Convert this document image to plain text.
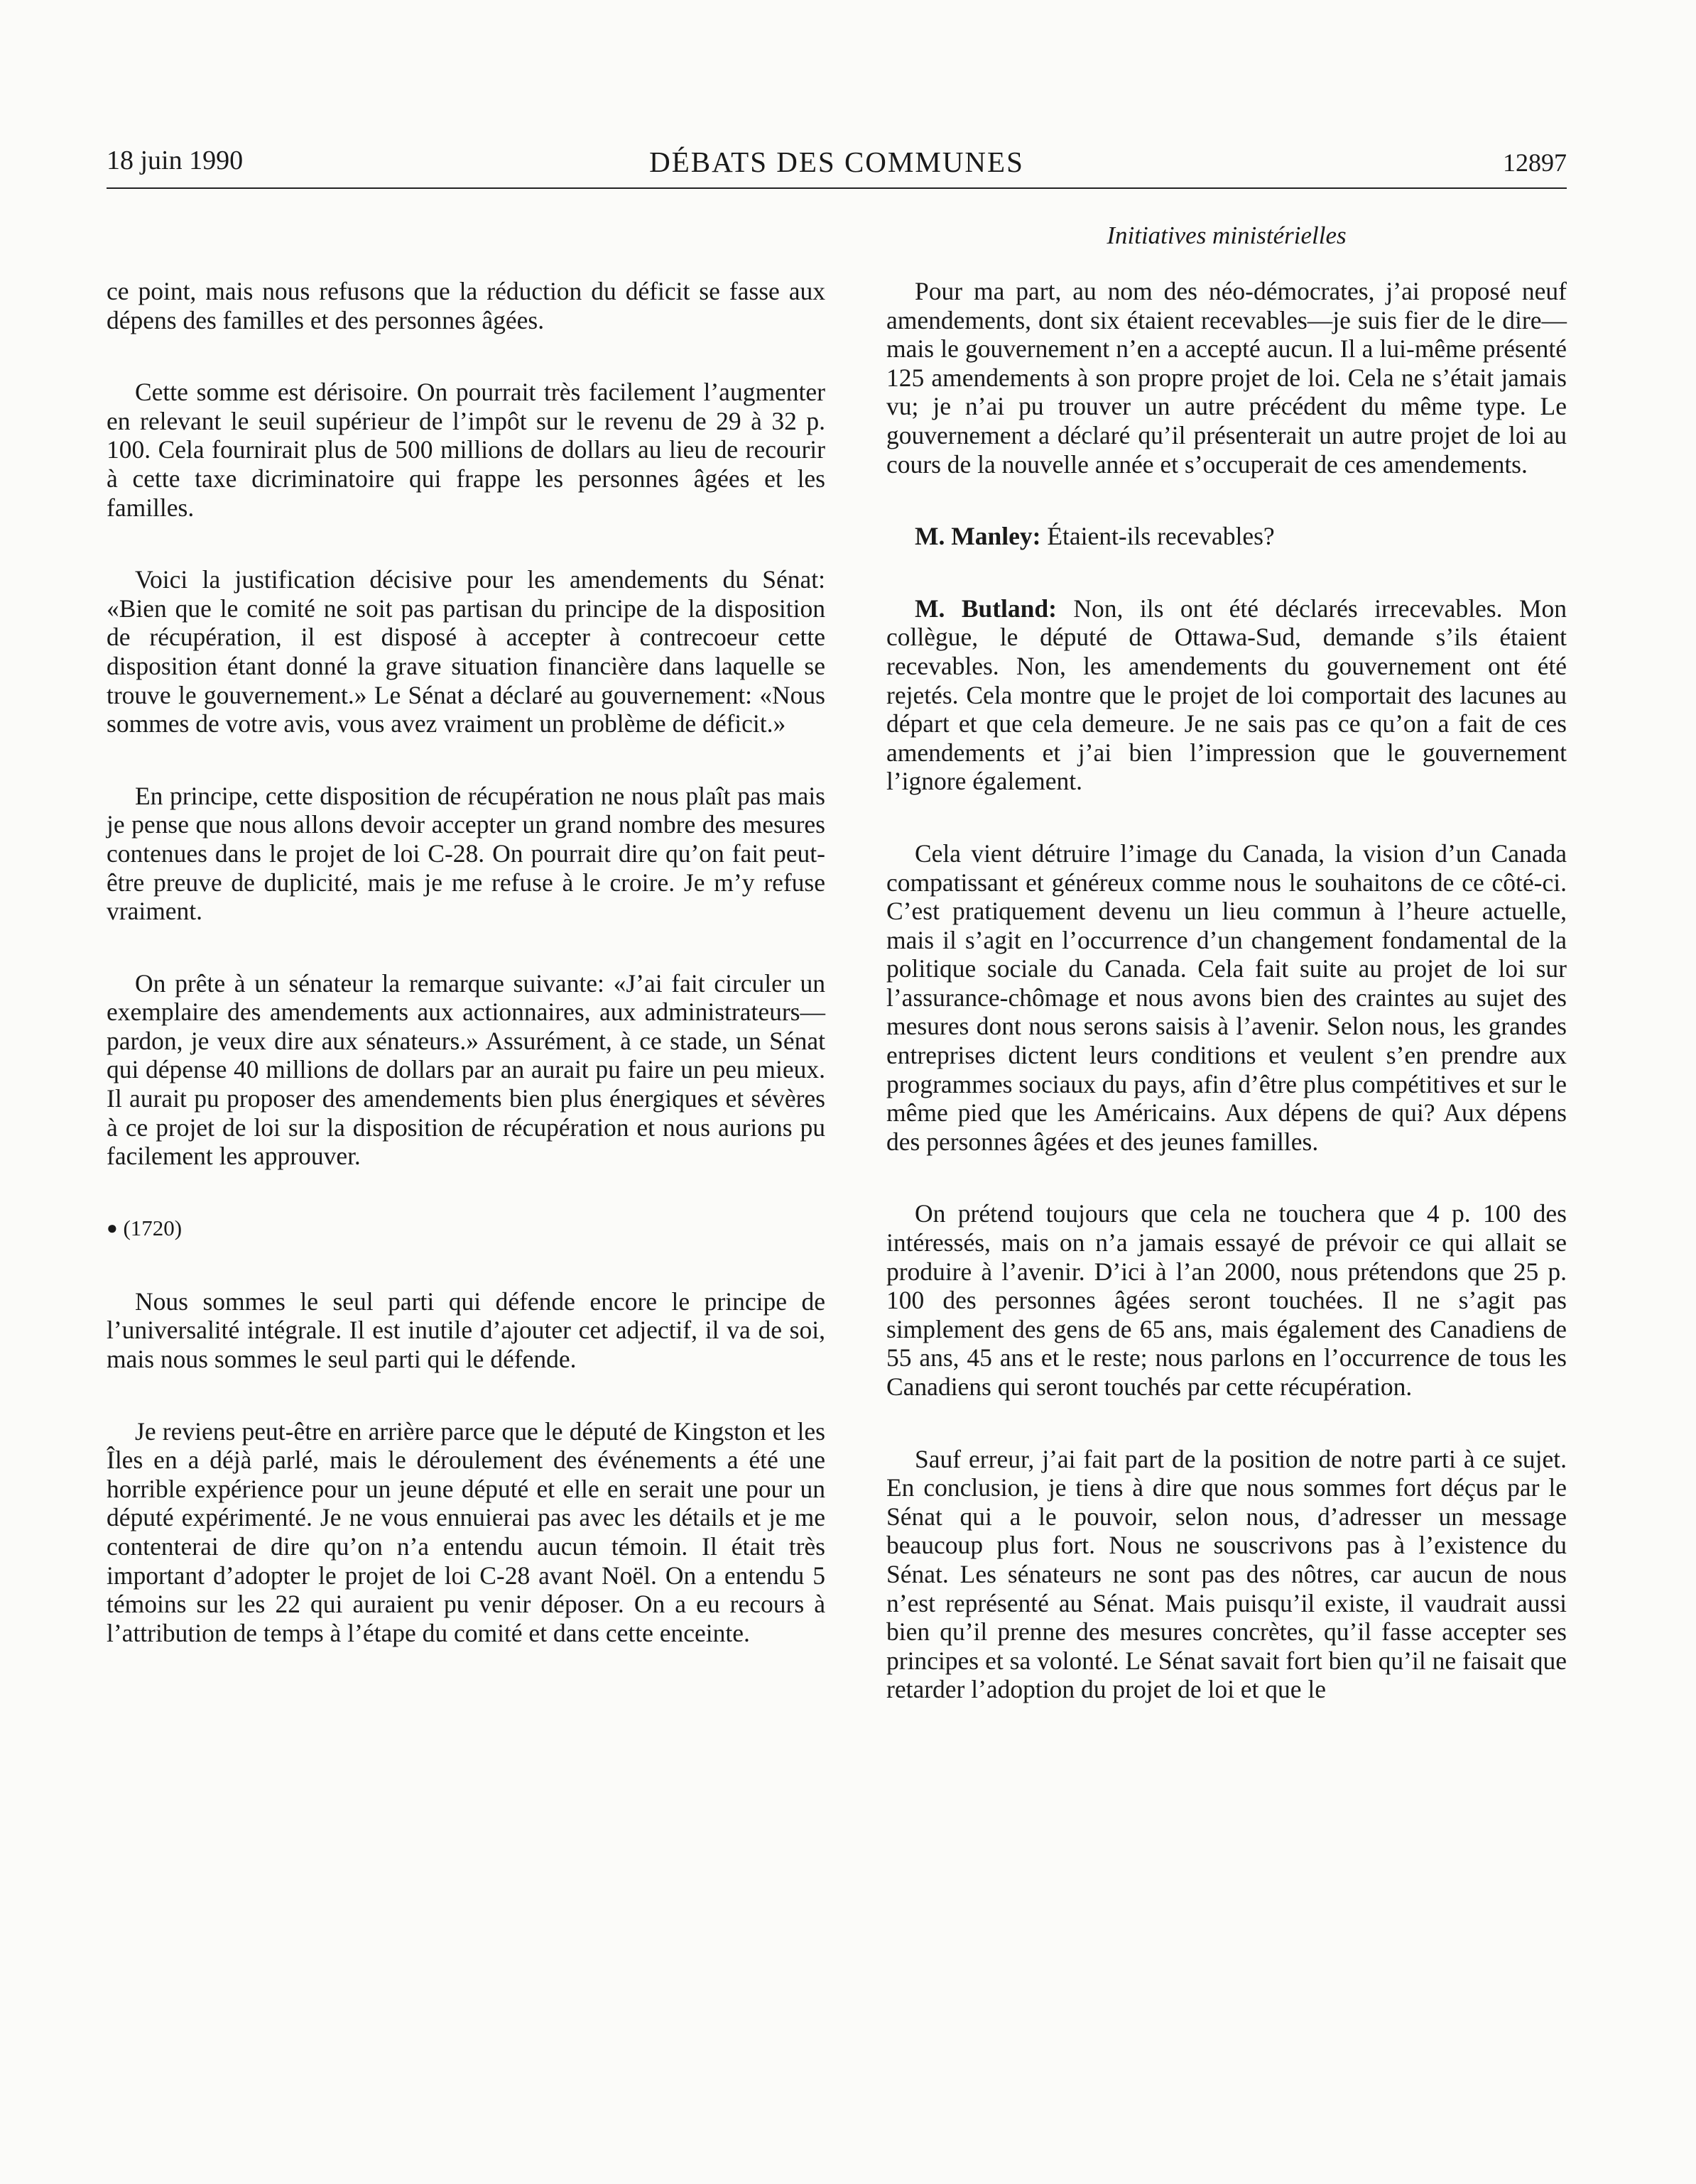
18 juin 1990	DÉBATS DES COMMUNES	12897
Initiatives ministérielles

ce point, mais nous refusons que la réduction du déficit se fasse aux dépens des familles et des personnes âgées.

Cette somme est dérisoire. On pourrait très facilement l’augmenter en relevant le seuil supérieur de l’impôt sur le revenu de 29 à 32 p. 100. Cela fournirait plus de 500 millions de dollars au lieu de recourir à cette taxe dicriminatoire qui frappe les personnes âgées et les familles.

Voici la justification décisive pour les amendements du Sénat: «Bien que le comité ne soit pas partisan du principe de la disposition de récupération, il est disposé à accepter à contrecoeur cette disposition étant donné la grave situation financière dans laquelle se trouve le gouvernement.» Le Sénat a déclaré au gouvernement: «Nous sommes de votre avis, vous avez vraiment un problème de déficit.»

En principe, cette disposition de récupération ne nous plaît pas mais je pense que nous allons devoir accepter un grand nombre des mesures contenues dans le projet de loi C-28. On pourrait dire qu’on fait peut-être preuve de duplicité, mais je me refuse à le croire. Je m’y refuse vraiment.

On prête à un sénateur la remarque suivante: «J’ai fait circuler un exemplaire des amendements aux actionnaires, aux administrateurs—pardon, je veux dire aux sénateurs.» Assurément, à ce stade, un Sénat qui dépense 40 millions de dollars par an aurait pu faire un peu mieux. Il aurait pu proposer des amendements bien plus énergiques et sévères à ce projet de loi sur la disposition de récupération et nous aurions pu facilement les approuver.

● (1720)

Nous sommes le seul parti qui défende encore le principe de l’universalité intégrale. Il est inutile d’ajouter cet adjectif, il va de soi, mais nous sommes le seul parti qui le défende.

Je reviens peut-être en arrière parce que le député de Kingston et les Îles en a déjà parlé, mais le déroulement des événements a été une horrible expérience pour un jeune député et elle en serait une pour un député expérimenté. Je ne vous ennuierai pas avec les détails et je me contenterai de dire qu’on n’a entendu aucun témoin. Il était très important d’adopter le projet de loi C-28 avant Noël. On a entendu 5 témoins sur les 22 qui auraient pu venir déposer. On a eu recours à l’attribution de temps à l’étape du comité et dans cette enceinte.

Pour ma part, au nom des néo-démocrates, j’ai proposé neuf amendements, dont six étaient recevables—je suis fier de le dire—mais le gouvernement n’en a accepté aucun. Il a lui-même présenté 125 amendements à son propre projet de loi. Cela ne s’était jamais vu; je n’ai pu trouver un autre précédent du même type. Le gouvernement a déclaré qu’il présenterait un autre projet de loi au cours de la nouvelle année et s’occuperait de ces amendements.

M. Manley: Étaient-ils recevables?

M. Butland: Non, ils ont été déclarés irrecevables. Mon collègue, le député de Ottawa-Sud, demande s’ils étaient recevables. Non, les amendements du gouvernement ont été rejetés. Cela montre que le projet de loi comportait des lacunes au départ et que cela demeure. Je ne sais pas ce qu’on a fait de ces amendements et j’ai bien l’impression que le gouvernement l’ignore également.

Cela vient détruire l’image du Canada, la vision d’un Canada compatissant et généreux comme nous le souhaitons de ce côté-ci. C’est pratiquement devenu un lieu commun à l’heure actuelle, mais il s’agit en l’occurrence d’un changement fondamental de la politique sociale du Canada. Cela fait suite au projet de loi sur l’assurance-chômage et nous avons bien des craintes au sujet des mesures dont nous serons saisis à l’avenir. Selon nous, les grandes entreprises dictent leurs conditions et veulent s’en prendre aux programmes sociaux du pays, afin d’être plus compétitives et sur le même pied que les Américains. Aux dépens de qui? Aux dépens des personnes âgées et des jeunes familles.

On prétend toujours que cela ne touchera que 4 p. 100 des intéressés, mais on n’a jamais essayé de prévoir ce qui allait se produire à l’avenir. D’ici à l’an 2000, nous prétendons que 25 p. 100 des personnes âgées seront touchées. Il ne s’agit pas simplement des gens de 65 ans, mais également des Canadiens de 55 ans, 45 ans et le reste; nous parlons en l’occurrence de tous les Canadiens qui seront touchés par cette récupération.

Sauf erreur, j’ai fait part de la position de notre parti à ce sujet. En conclusion, je tiens à dire que nous sommes fort déçus par le Sénat qui a le pouvoir, selon nous, d’adresser un message beaucoup plus fort. Nous ne souscrivons pas à l’existence du Sénat. Les sénateurs ne sont pas des nôtres, car aucun de nous n’est représenté au Sénat. Mais puisqu’il existe, il vaudrait aussi bien qu’il prenne des mesures concrètes, qu’il fasse accepter ses principes et sa volonté. Le Sénat savait fort bien qu’il ne faisait que retarder l’adoption du projet de loi et que le
